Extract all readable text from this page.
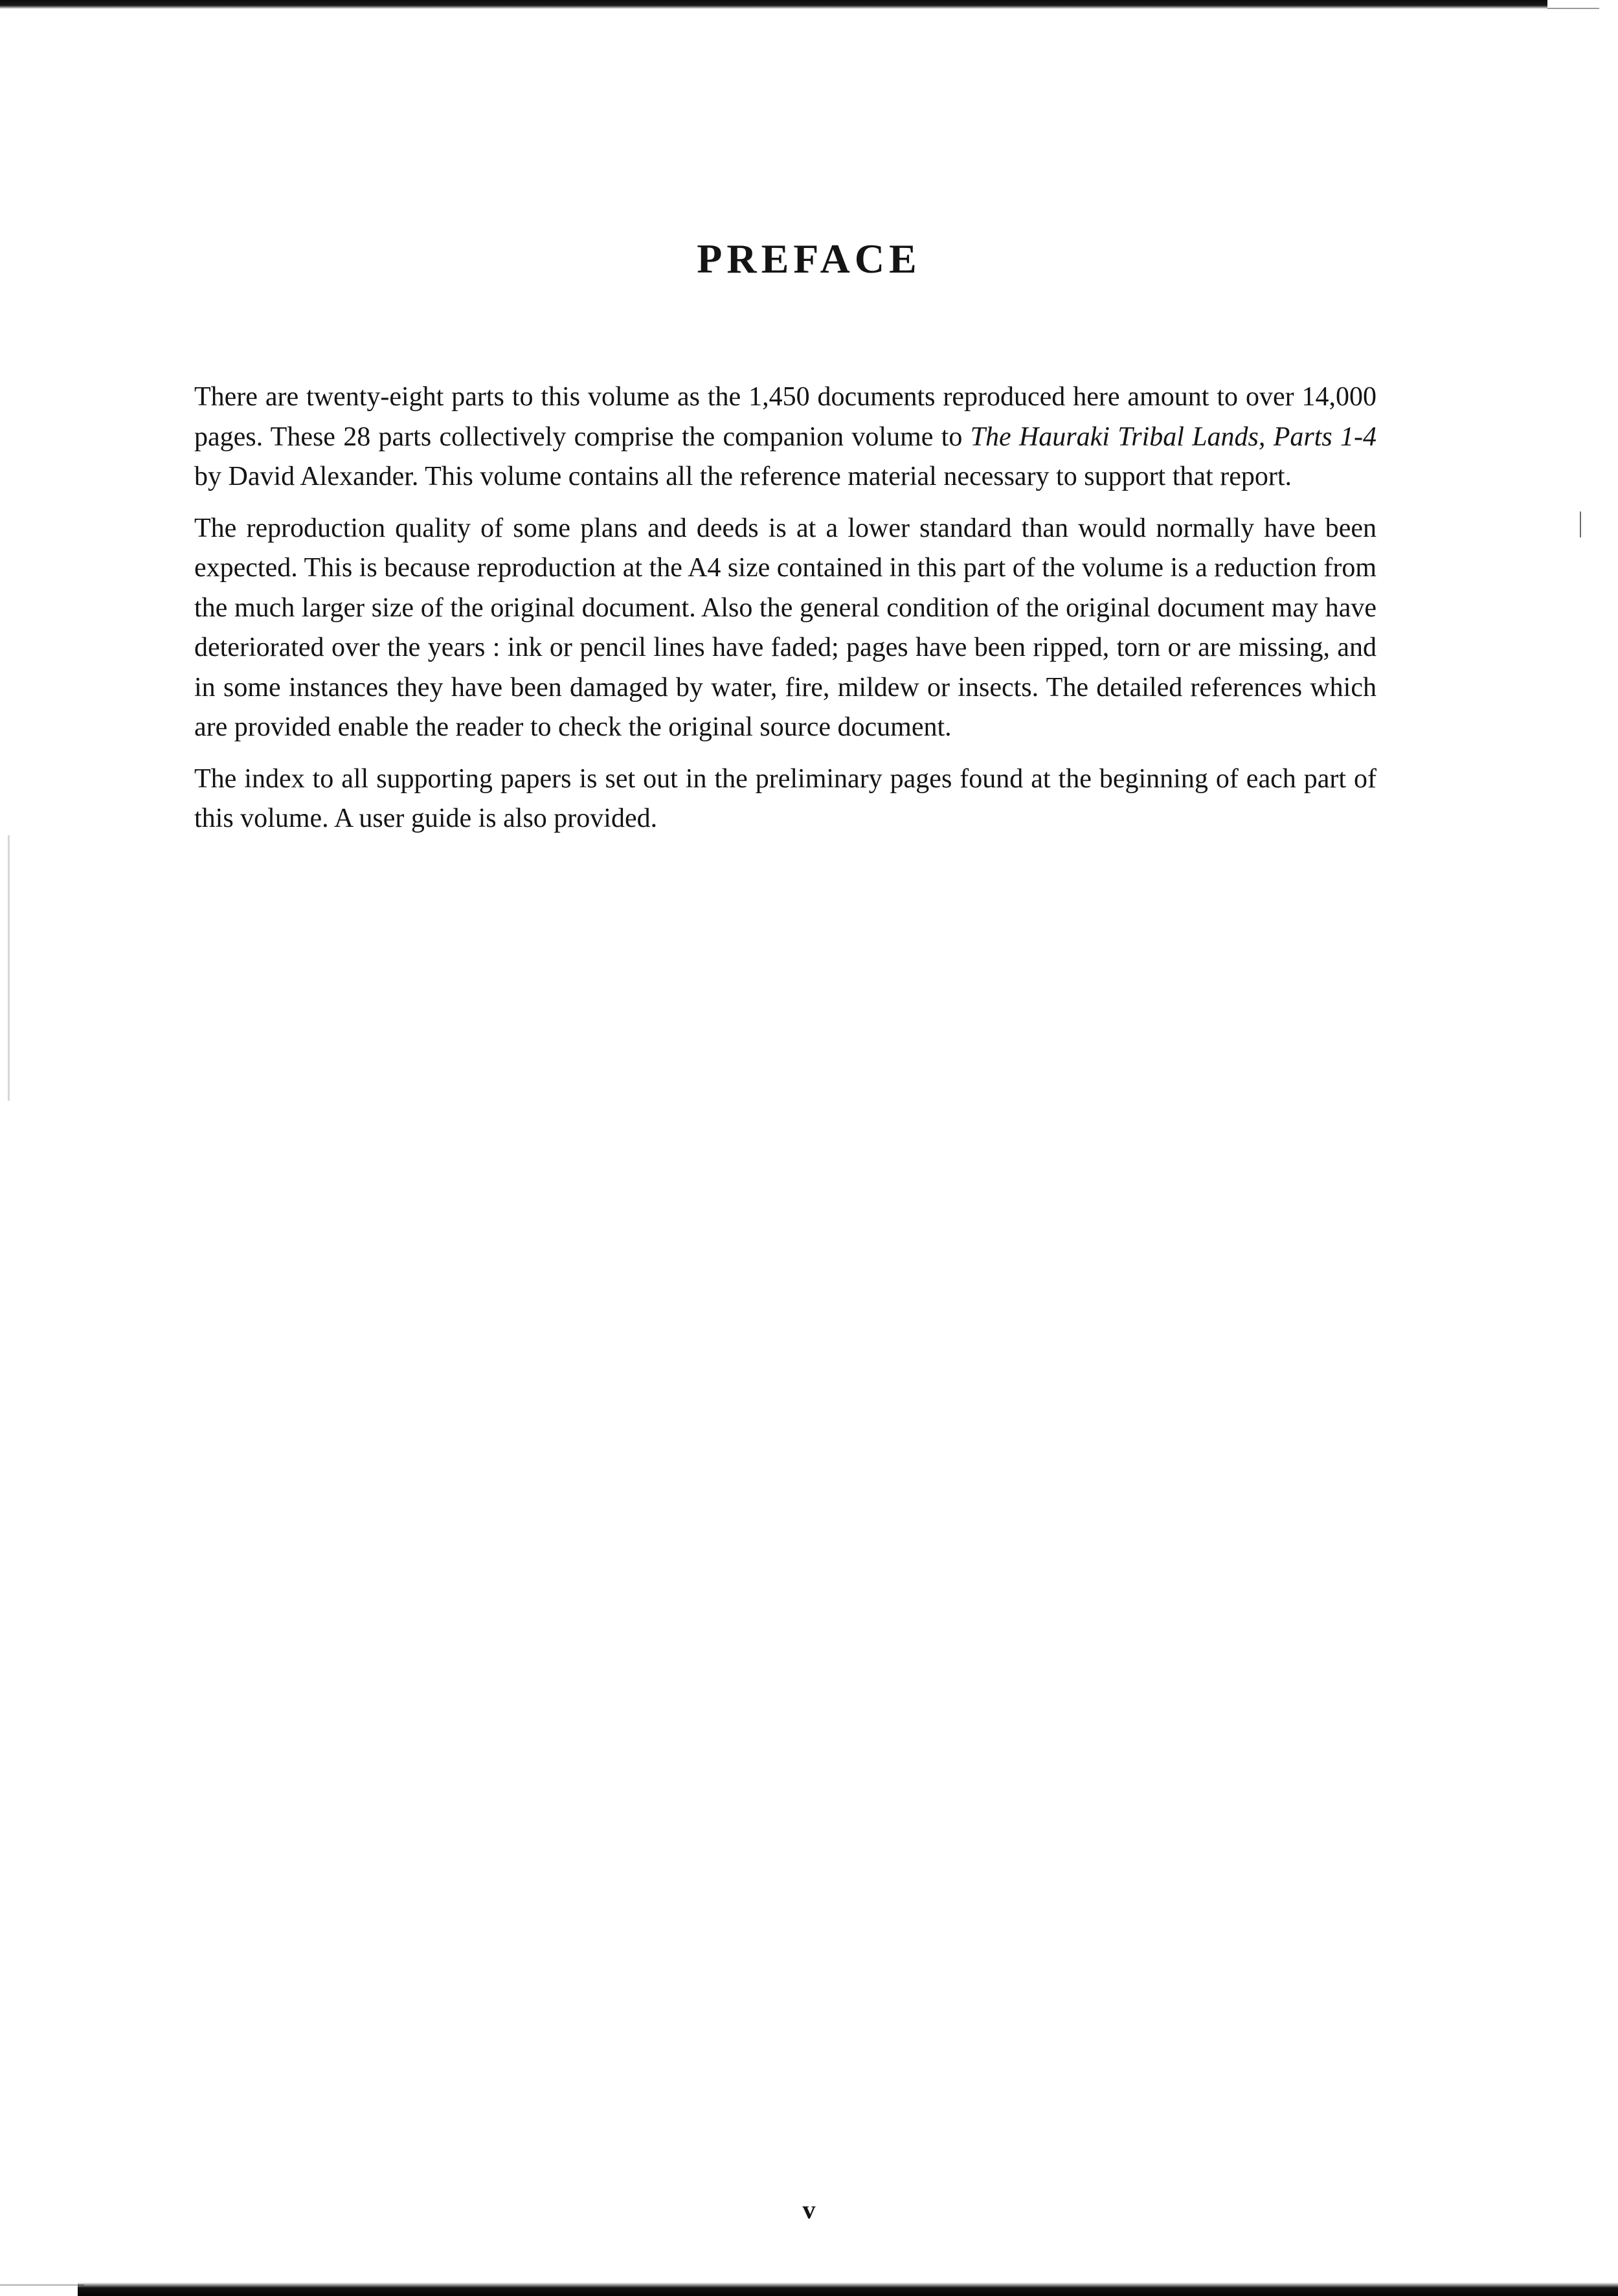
PREFACE

There are twenty-eight parts to this volume as the 1,450 documents reproduced here amount to over 14,000 pages. These 28 parts collectively comprise the companion volume to The Hauraki Tribal Lands, Parts 1-4 by David Alexander. This volume contains all the reference material necessary to support that report.

The reproduction quality of some plans and deeds is at a lower standard than would normally have been expected. This is because reproduction at the A4 size contained in this part of the volume is a reduction from the much larger size of the original document. Also the general condition of the original document may have deteriorated over the years : ink or pencil lines have faded; pages have been ripped, torn or are missing, and in some instances they have been damaged by water, fire, mildew or insects. The detailed references which are provided enable the reader to check the original source document.

The index to all supporting papers is set out in the preliminary pages found at the beginning of each part of this volume. A user guide is also provided.

v
